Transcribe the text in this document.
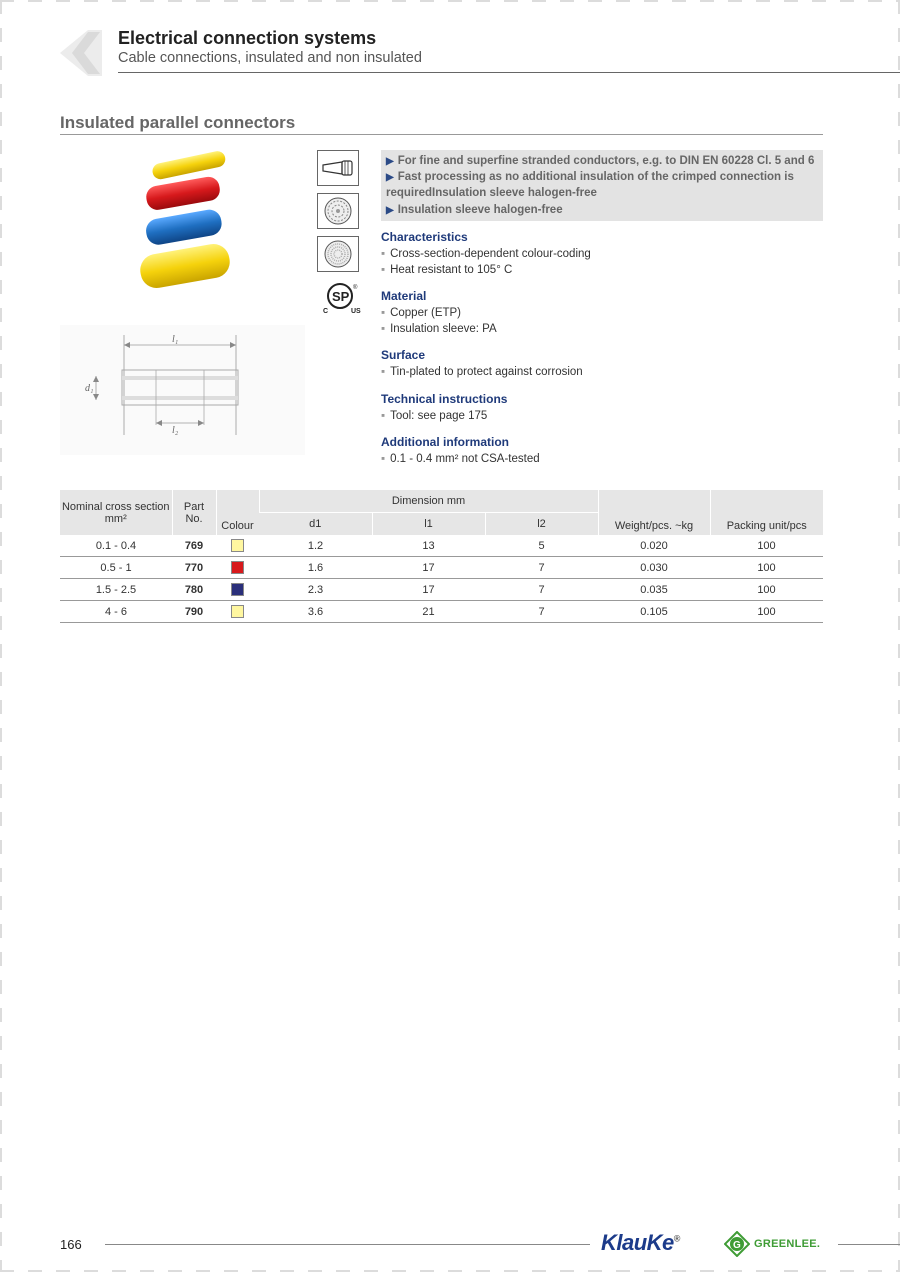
Electrical connection systems
Cable connections, insulated and non insulated
Insulated parallel connectors
l₁
l₂
d₁
SP
C	US
®
▶ For fine and superfine stranded conductors, e.g. to DIN EN 60228 Cl. 5 and 6
▶ Fast processing as no additional insulation of the crimped connection is
requiredInsulation sleeve halogen-free
▶ Insulation sleeve halogen-free
Characteristics
▪ Cross-section-dependent colour-coding
▪ Heat resistant to 105° C
Material
▪ Copper (ETP)
▪ Insulation sleeve: PA
Surface
▪ Tin-plated to protect against corrosion
Technical instructions
▪ Tool: see page 175
Additional information
▪ 0.1 - 0.4 mm² not CSA-tested
Nominal cross section
mm²	Part
No.	Colour	Dimension mm			Weight/pcs. ~kg	Packing unit/pcs
			d1	l1	l2		
0.1 - 0.4	769		1.2	13	5	0.020	100
0.5 - 1	770		1.6	17	7	0.030	100
1.5 - 2.5	780		2.3	17	7	0.035	100
4 - 6	790		3.6	21	7	0.105	100
166	KlauKe®
G GREENLEE.
